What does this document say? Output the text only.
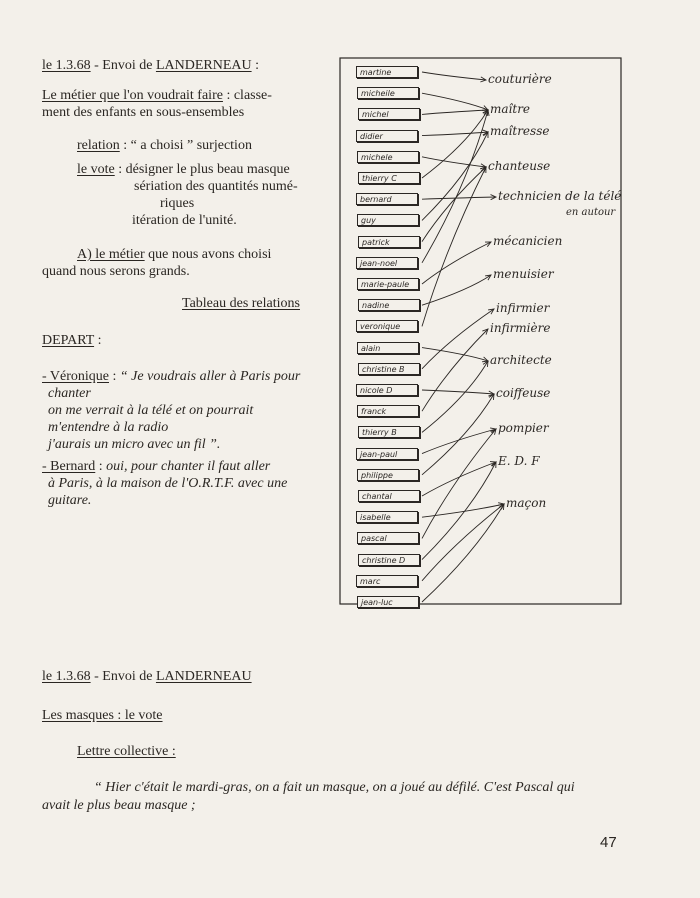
le 1.3.68 - Envoi de LANDERNEAU :
Le métier que l'on voudrait faire : classe-
ment des enfants en sous-ensembles
relation : “ a choisi ” surjection
le vote : désigner le plus beau masque
sériation des quantités numé-
riques
itération de l'unité.
A) le métier que nous avons choisi
quand nous serons grands.
Tableau des relations
DEPART :
- Véronique : “ Je voudrais aller à Paris pour
chanter
on me verrait à la télé et on pourrait
m'entendre à la radio
j'aurais un micro avec un fil ”.
- Bernard : oui, pour chanter il faut aller
à Paris, à la maison de l'O.R.T.F. avec une
guitare.
martine
micheile
michel
didier
michele
thierry C
bernard
guy
patrick
jean-noel
marie-paule
nadine
veronique
alain
christine B
nicole D
franck
thierry B
jean-paul
philippe
chantal
isabelle
pascal
christine D
marc
jean-luc
couturière
maître
maîtresse
chanteuse
technicien de la télé
en autour
mécanicien
menuisier
infirmier
infirmière
architecte
coiffeuse
pompier
E. D. F
maçon
le 1.3.68 - Envoi de LANDERNEAU
Les masques : le vote
Lettre collective :
“ Hier c'était le mardi-gras, on a fait un masque, on a joué au défilé. C'est Pascal qui
avait le plus beau masque ;
47
